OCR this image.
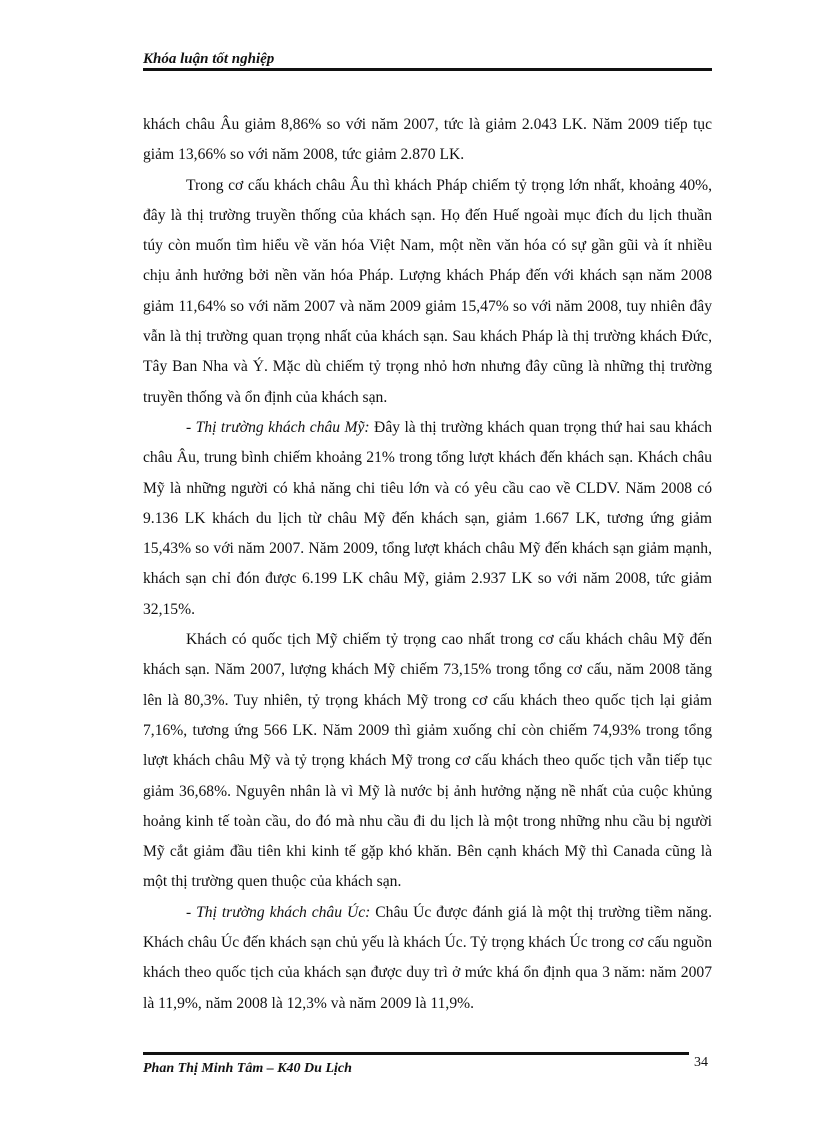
Khóa luận tốt nghiệp

khách châu Âu giảm 8,86% so với năm 2007, tức là giảm 2.043 LK. Năm 2009 tiếp tục giảm 13,66% so với năm 2008, tức giảm 2.870 LK.

Trong cơ cấu khách châu Âu thì khách Pháp chiếm tỷ trọng lớn nhất, khoảng 40%, đây là thị trường truyền thống của khách sạn. Họ đến Huế ngoài mục đích du lịch thuần túy còn muốn tìm hiểu về văn hóa Việt Nam, một nền văn hóa có sự gần gũi và ít nhiều chịu ảnh hưởng bởi nền văn hóa Pháp. Lượng khách Pháp đến với khách sạn năm 2008 giảm 11,64% so với năm 2007 và năm 2009 giảm 15,47% so với năm 2008, tuy nhiên đây vẫn là thị trường quan trọng nhất của khách sạn. Sau khách Pháp là thị trường khách Đức, Tây Ban Nha và Ý. Mặc dù chiếm tỷ trọng nhỏ hơn nhưng đây cũng là những thị trường truyền thống và ổn định của khách sạn.

- Thị trường khách châu Mỹ: Đây là thị trường khách quan trọng thứ hai sau khách châu Âu, trung bình chiếm khoảng 21% trong tổng lượt khách đến khách sạn. Khách châu Mỹ là những người có khả năng chi tiêu lớn và có yêu cầu cao về CLDV. Năm 2008 có 9.136 LK khách du lịch từ châu Mỹ đến khách sạn, giảm 1.667 LK, tương ứng giảm 15,43% so với năm 2007. Năm 2009, tổng lượt khách châu Mỹ đến khách sạn giảm mạnh, khách sạn chỉ đón được 6.199 LK châu Mỹ, giảm 2.937 LK so với năm 2008, tức giảm 32,15%.

Khách có quốc tịch Mỹ chiếm tỷ trọng cao nhất trong cơ cấu khách châu Mỹ đến khách sạn. Năm 2007, lượng khách Mỹ chiếm 73,15% trong tổng cơ cấu, năm 2008 tăng lên là 80,3%. Tuy nhiên, tỷ trọng khách Mỹ trong cơ cấu khách theo quốc tịch lại giảm 7,16%, tương ứng 566 LK. Năm 2009 thì giảm xuống chỉ còn chiếm 74,93% trong tổng lượt khách châu Mỹ và tỷ trọng khách Mỹ trong cơ cấu khách theo quốc tịch vẫn tiếp tục giảm 36,68%. Nguyên nhân là vì Mỹ là nước bị ảnh hưởng nặng nề nhất của cuộc khủng hoảng kinh tế toàn cầu, do đó mà nhu cầu đi du lịch là một trong những nhu cầu bị người Mỹ cắt giảm đầu tiên khi kinh tế gặp khó khăn. Bên cạnh khách Mỹ thì Canada cũng là một thị trường quen thuộc của khách sạn.

- Thị trường khách châu Úc: Châu Úc được đánh giá là một thị trường tiềm năng. Khách châu Úc đến khách sạn chủ yếu là khách Úc. Tỷ trọng khách Úc trong cơ cấu nguồn khách theo quốc tịch của khách sạn được duy trì ở mức khá ổn định qua 3 năm: năm 2007 là 11,9%, năm 2008 là 12,3% và năm 2009 là 11,9%.

Phan Thị Minh Tâm – K40 Du Lịch	34
